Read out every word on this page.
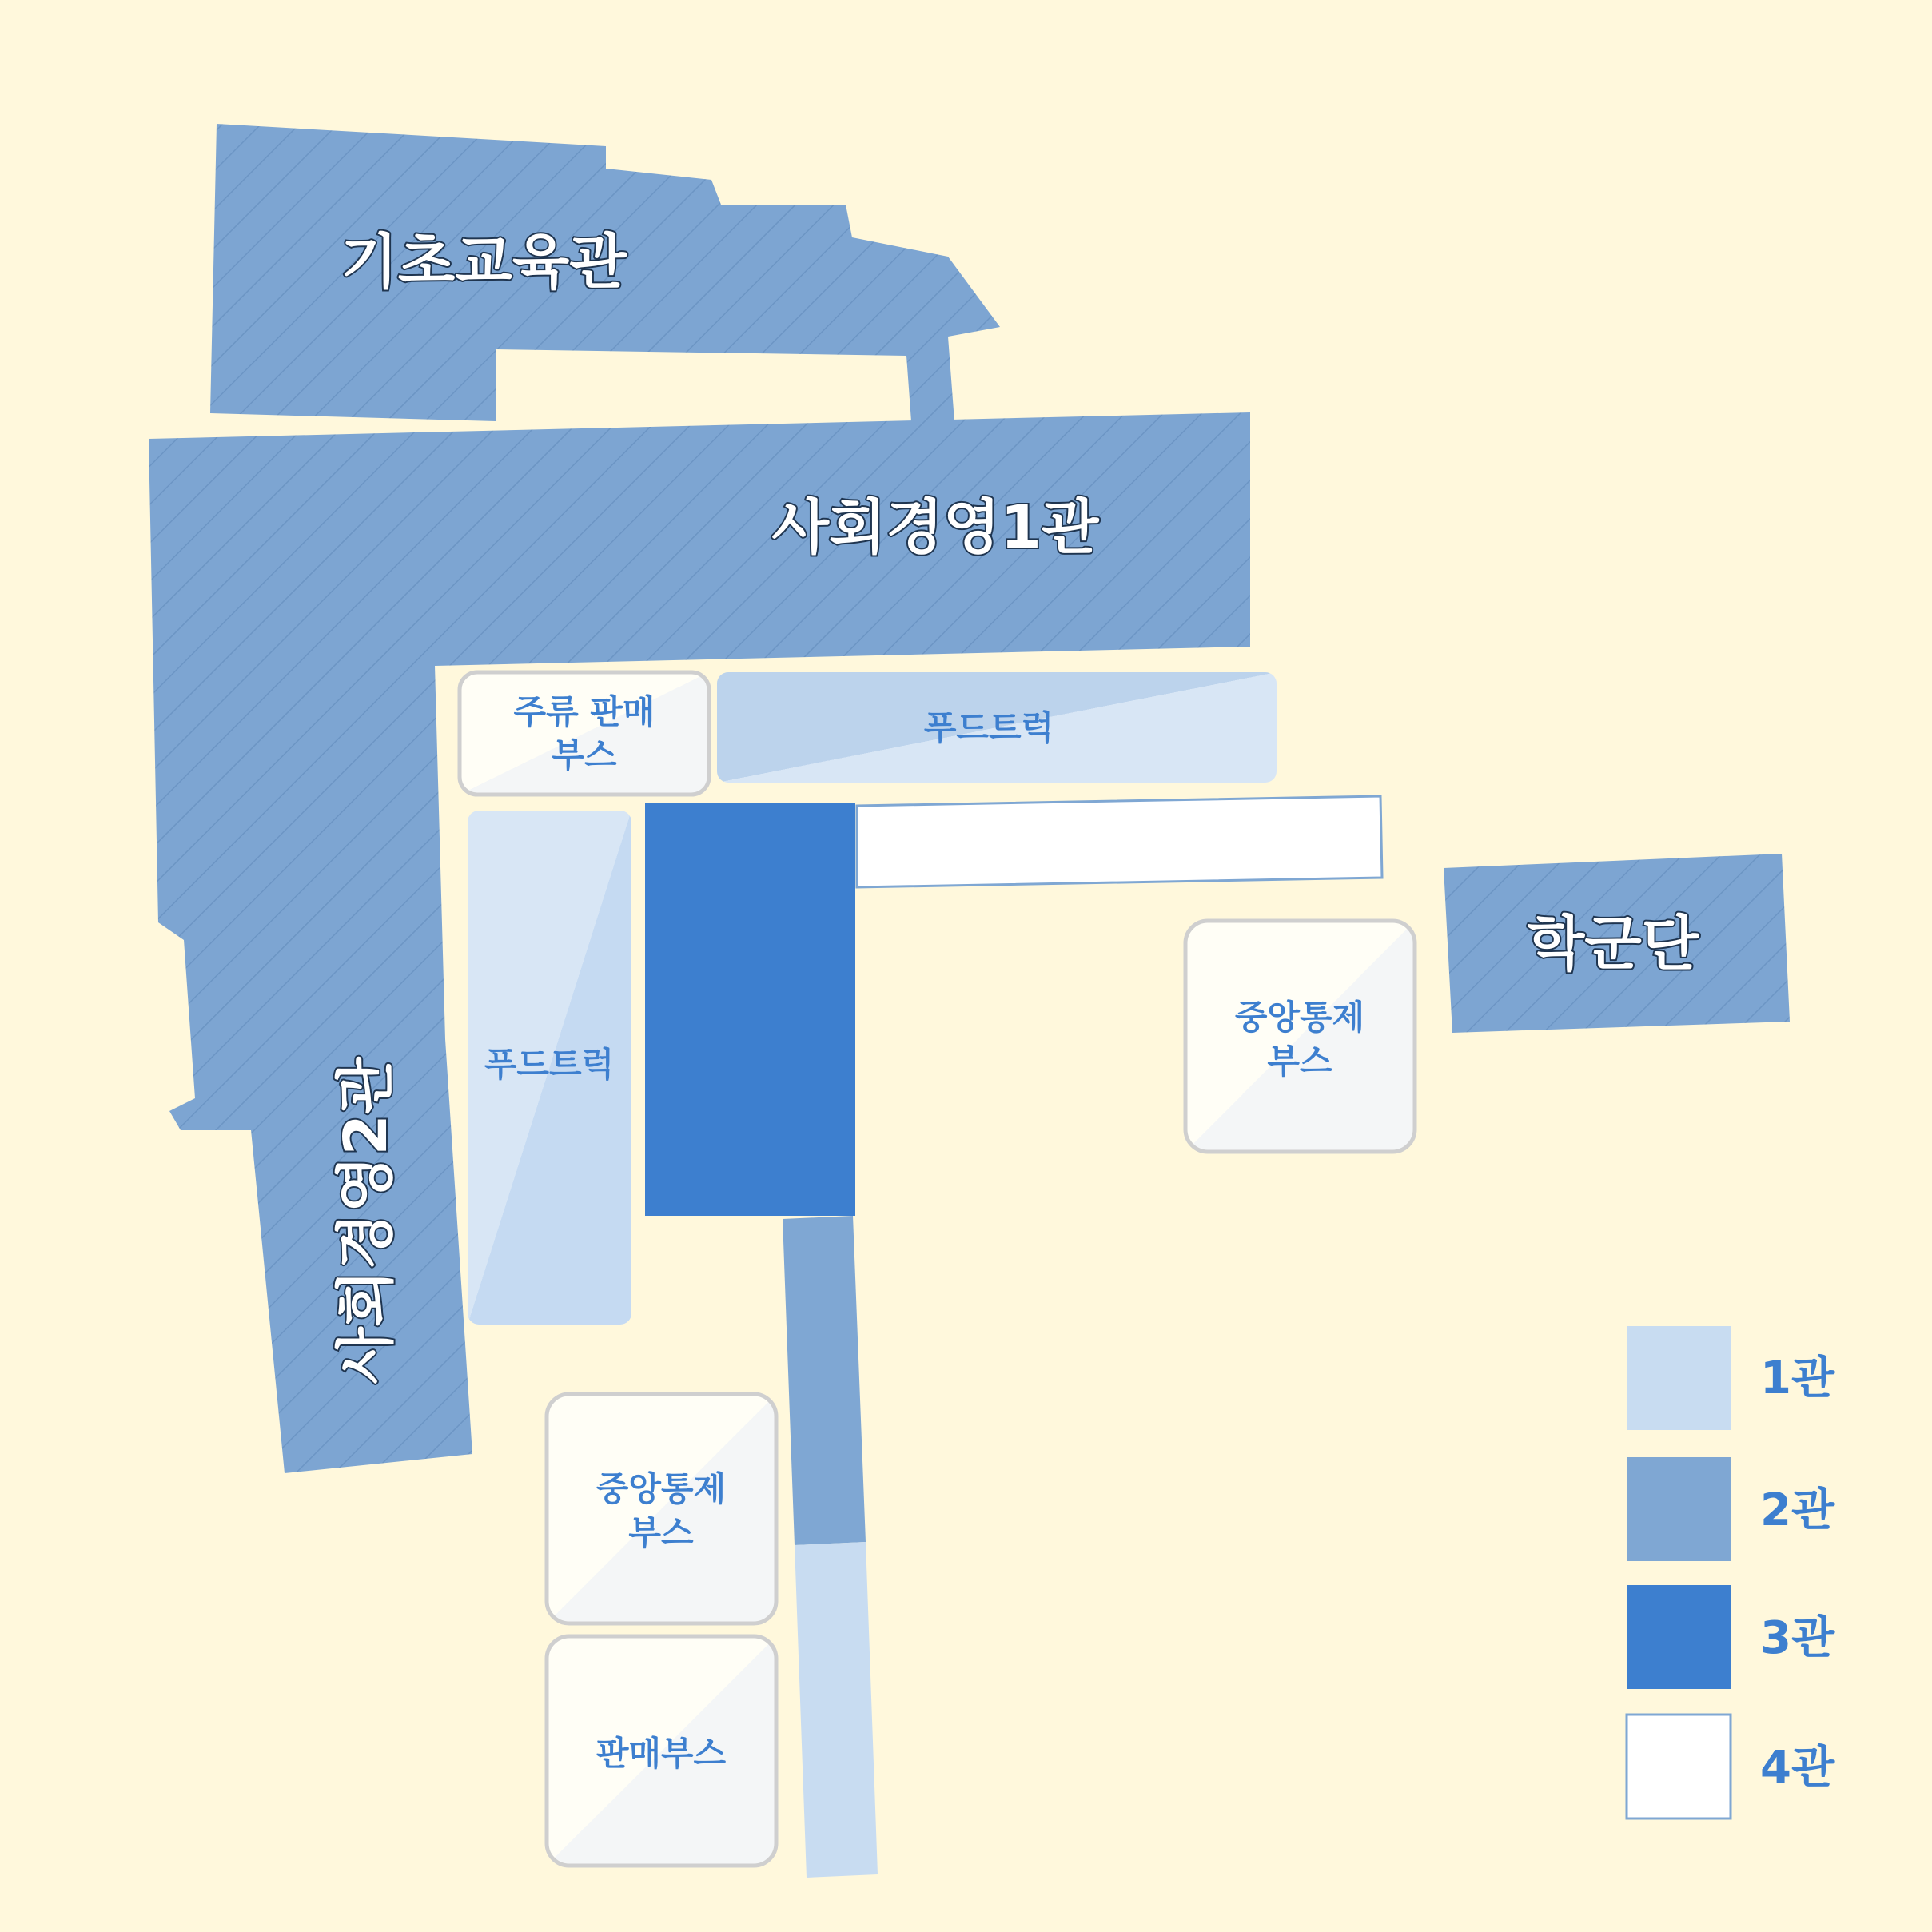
기초교육관
사회경영1관
사회경영2관
학군단
주류 판매
부스
푸드트럭
푸드트럭
중앙통제
부스
중앙통제
부스
판매부스
1관
2관
3관
4관
